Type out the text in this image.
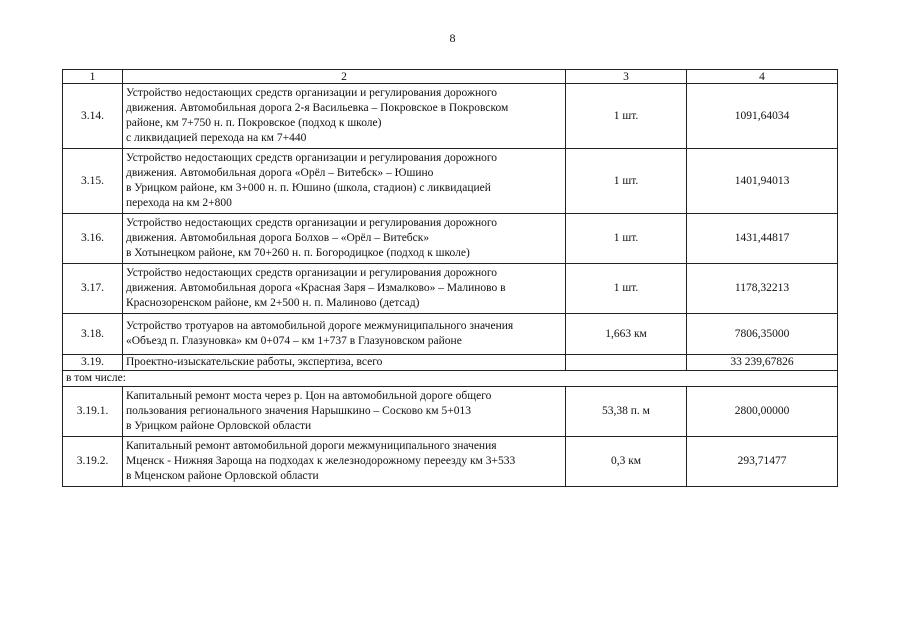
8
1	2	3	4
3.14.	Устройство недостающих средств организации и регулирования дорожного
движения. Автомобильная дорога 2-я Васильевка – Покровское в Покровском
районе, км 7+750 н. п. Покровское (подход к школе)
с ликвидацией перехода на км 7+440	1 шт.	1091,64034
3.15.	Устройство недостающих средств организации и регулирования дорожного
движения. Автомобильная дорога «Орёл – Витебск» – Юшино
в Урицком районе, км 3+000 н. п. Юшино (школа, стадион) с ликвидацией
перехода на км 2+800	1 шт.	1401,94013
3.16.	Устройство недостающих средств организации и регулирования дорожного
движения. Автомобильная дорога Болхов – «Орёл – Витебск»
в Хотынецком районе, км 70+260 н. п. Богородицкое (подход к школе)	1 шт.	1431,44817
3.17.	Устройство недостающих средств организации и регулирования дорожного
движения. Автомобильная дорога «Красная Заря – Измалково» – Малиново в
Краснозоренском районе, км 2+500 н. п. Малиново (детсад)	1 шт.	1178,32213
3.18.	Устройство тротуаров на автомобильной дороге межмуниципального значения
«Объезд п. Глазуновка» км 0+074 – км 1+737 в Глазуновском районе	1,663 км	7806,35000
3.19.	Проектно-изыскательские работы, экспертиза, всего		33 239,67826
в том числе:			
3.19.1.	Капитальный ремонт моста через р. Цон на автомобильной дороге общего
пользования регионального значения Нарышкино – Сосково км 5+013
в Урицком районе Орловской области	53,38 п. м	2800,00000
3.19.2.	Капитальный ремонт автомобильной дороги межмуниципального значения
Мценск - Нижняя Зароща на подходах к железнодорожному переезду км 3+533
в Мценском районе Орловской области	0,3 км	293,71477
